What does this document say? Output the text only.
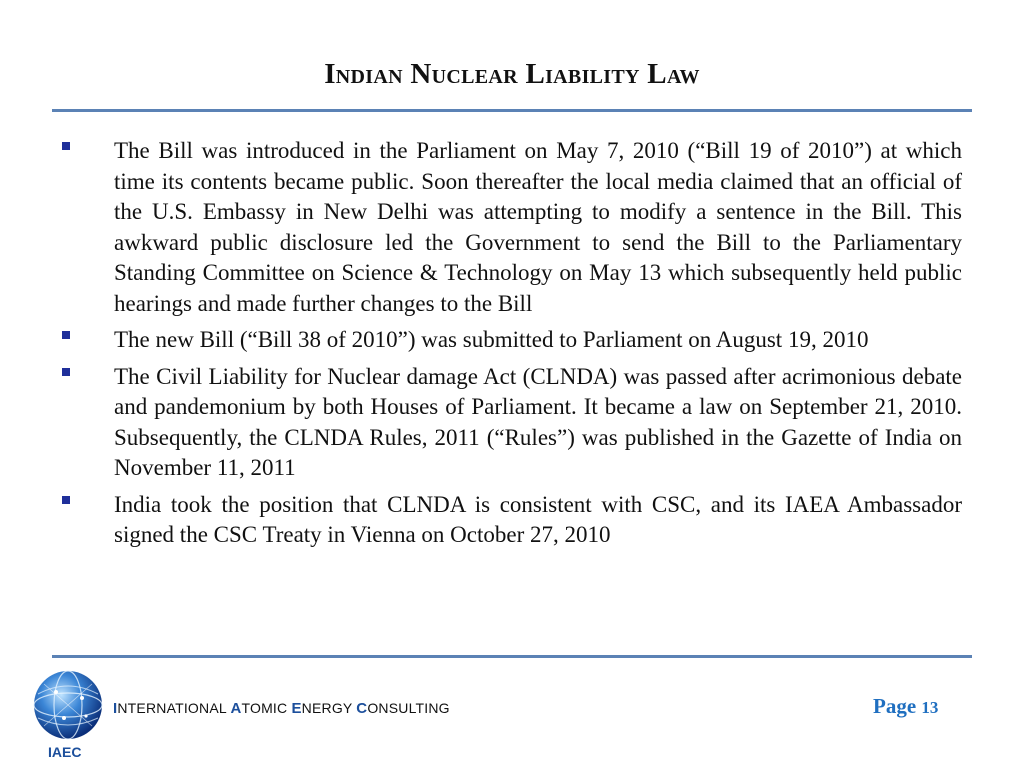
Indian Nuclear Liability Law
The Bill was introduced in the Parliament on May 7, 2010 (“Bill 19 of 2010”) at which time its contents became public. Soon thereafter the local media claimed that an official of the U.S. Embassy in New Delhi was attempting to modify a sentence in the Bill. This awkward public disclosure led the Government to send the Bill to the Parliamentary Standing Committee on Science & Technology on May 13 which subsequently held public hearings and made further changes to the Bill
The new Bill (“Bill 38 of 2010”) was submitted to Parliament on August 19, 2010
The Civil Liability for Nuclear damage Act (CLNDA) was passed after acrimonious debate and pandemonium by both Houses of Parliament. It became a law on September 21, 2010. Subsequently, the CLNDA Rules, 2011 (“Rules”) was published in the Gazette of India on November 11, 2011
India took the position that CLNDA is consistent with CSC, and its IAEA Ambassador signed the CSC Treaty in Vienna on October 27, 2010
IAEC
INTERNATIONAL ATOMIC ENERGY CONSULTING	Page 13
